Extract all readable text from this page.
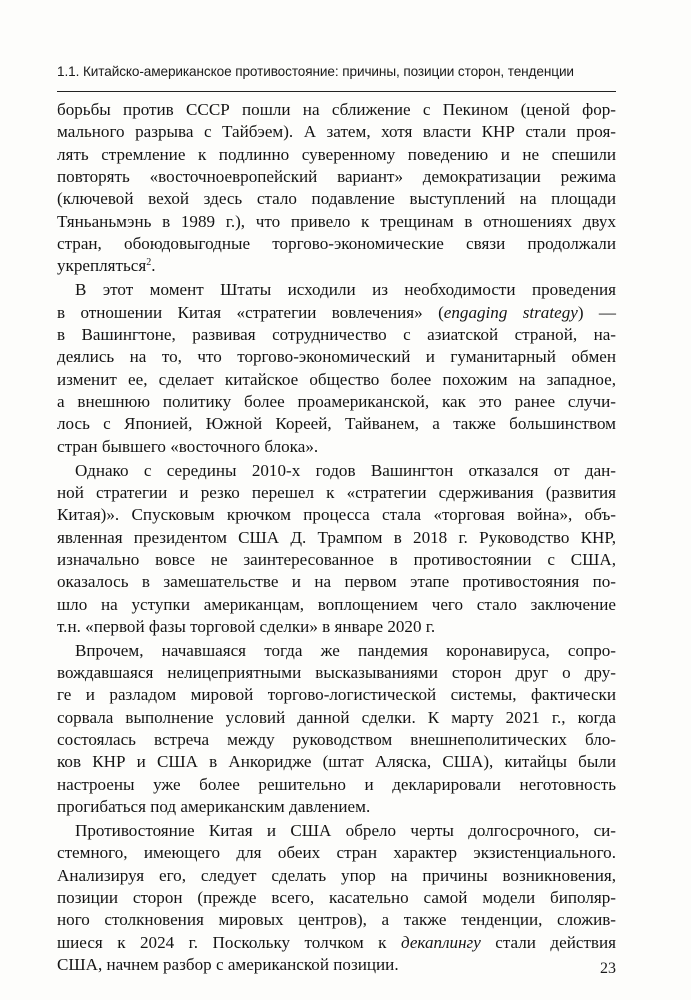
1.1. Китайско-американское противостояние: причины, позиции сторон, тенденции

борьбы против СССР пошли на сближение с Пекином (ценой фор-
мального разрыва с Тайбэем). А затем, хотя власти КНР стали проя-
лять стремление к подлинно суверенному поведению и не спешили
повторять «восточноевропейский вариант» демократизации режима
(ключевой вехой здесь стало подавление выступлений на площади
Тяньаньмэнь в 1989 г.), что привело к трещинам в отношениях двух
стран, обоюдовыгодные торгово-экономические связи продолжали
укрепляться$^2$.

В этот момент Штаты исходили из необходимости проведения
в отношении Китая «стратегии вовлечения» (engaging strategy) —
в Вашингтоне, развивая сотрудничество с азиатской страной, на-
деялись на то, что торгово-экономический и гуманитарный обмен
изменит ее, сделает китайское общество более похожим на западное,
а внешнюю политику более проамериканской, как это ранее случи-
лось с Японией, Южной Кореей, Тайванем, а также большинством
стран бывшего «восточного блока».

Однако с середины 2010-х годов Вашингтон отказался от дан-
ной стратегии и резко перешел к «стратегии сдерживания (развития
Китая)». Спусковым крючком процесса стала «торговая война», объ-
явленная президентом США Д. Трампом в 2018 г. Руководство КНР,
изначально вовсе не заинтересованное в противостоянии с США,
оказалось в замешательстве и на первом этапе противостояния по-
шло на уступки американцам, воплощением чего стало заключение
т.н. «первой фазы торговой сделки» в январе 2020 г.

Впрочем, начавшаяся тогда же пандемия коронавируса, сопро-
вождавшаяся нелицеприятными высказываниями сторон друг о дру-
ге и разладом мировой торгово-логистической системы, фактически
сорвала выполнение условий данной сделки. К марту 2021 г., когда
состоялась встреча между руководством внешнеполитических бло-
ков КНР и США в Анкоридже (штат Аляска, США), китайцы были
настроены уже более решительно и декларировали неготовность
прогибаться под американским давлением.

Противостояние Китая и США обрело черты долгосрочного, си-
стемного, имеющего для обеих стран характер экзистенциального.
Анализируя его, следует сделать упор на причины возникновения,
позиции сторон (прежде всего, касательно самой модели биполяр-
ного столкновения мировых центров), а также тенденции, сложив-
шиеся к 2024 г. Поскольку толчком к декаплингу стали действия
США, начнем разбор с американской позиции.	23
